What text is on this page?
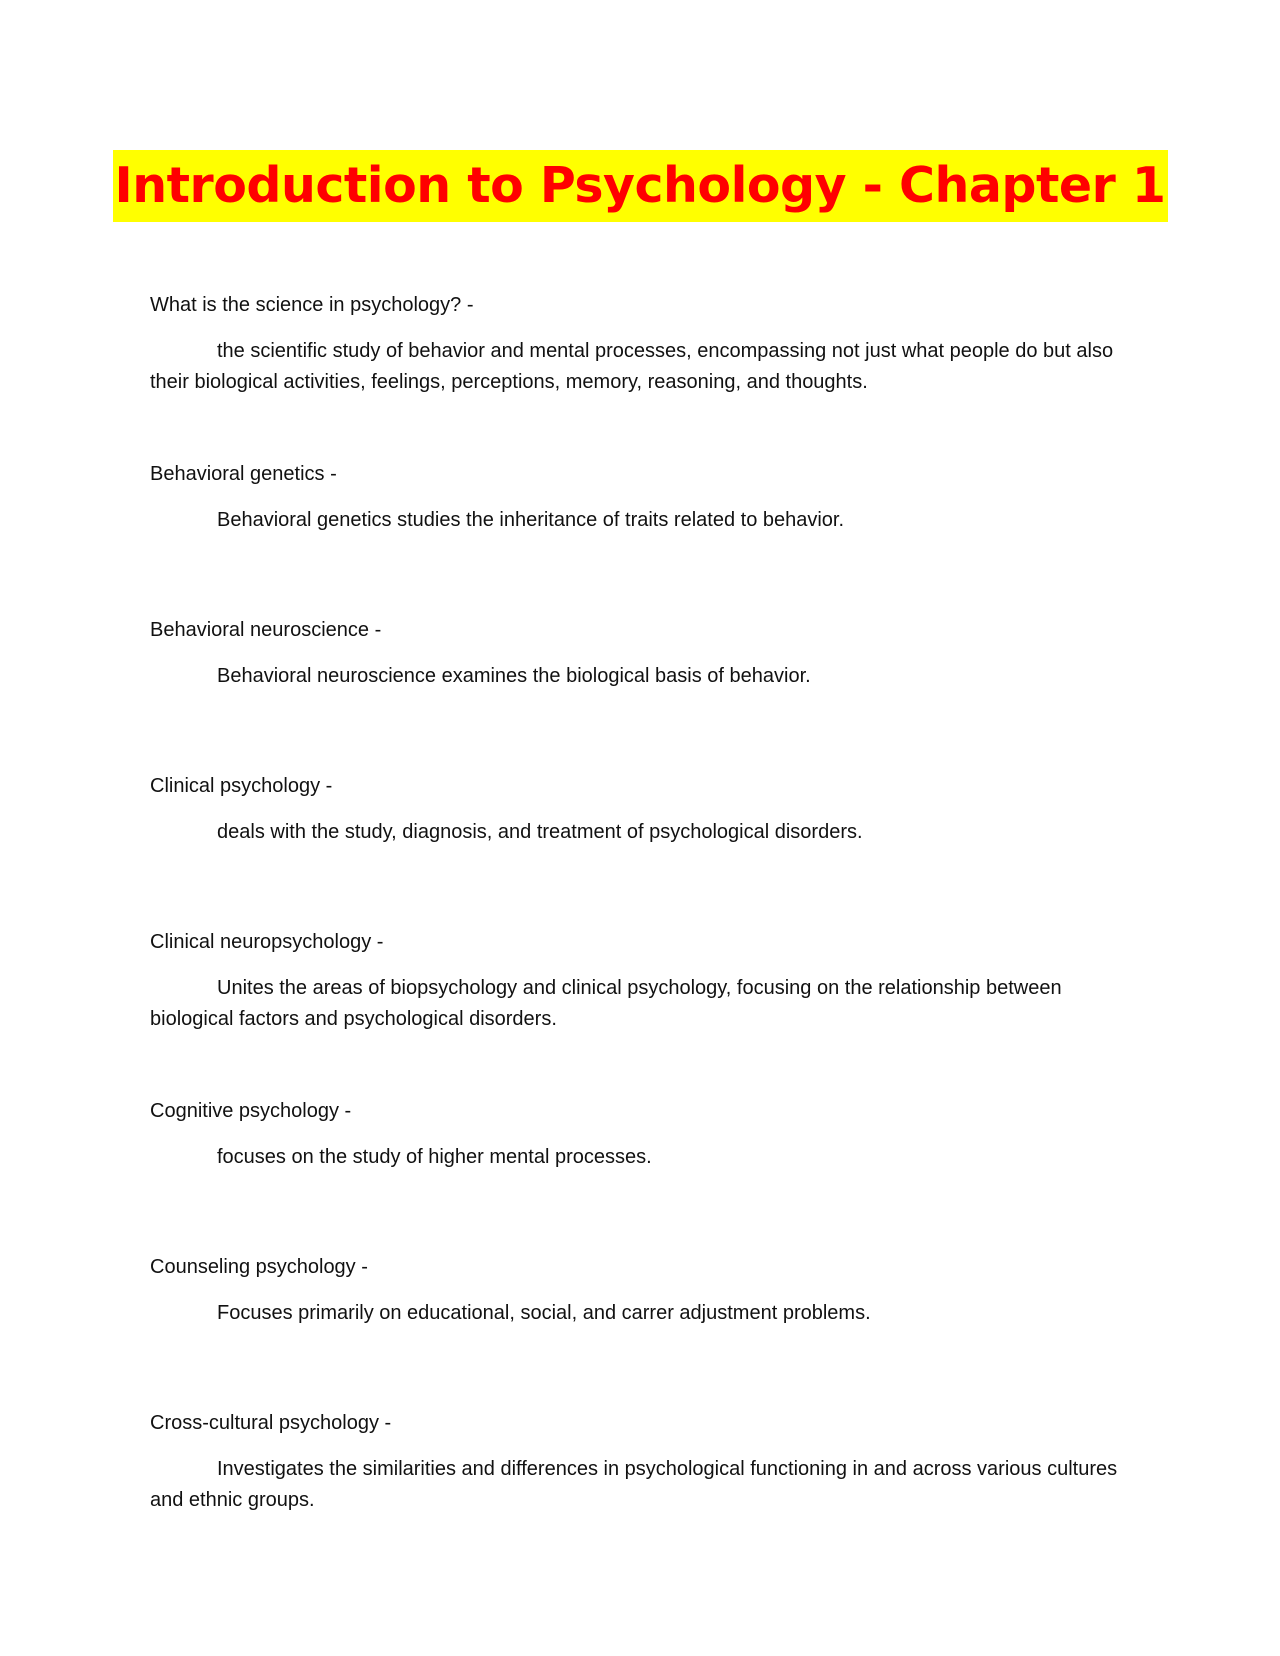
Introduction to Psychology - Chapter 1

What is the science in psychology? -

the scientific study of behavior and mental processes, encompassing not just what people do but also their biological activities, feelings, perceptions, memory, reasoning, and thoughts.

Behavioral genetics -

Behavioral genetics studies the inheritance of traits related to behavior.

Behavioral neuroscience -

Behavioral neuroscience examines the biological basis of behavior.

Clinical psychology -

deals with the study, diagnosis, and treatment of psychological disorders.

Clinical neuropsychology -

Unites the areas of biopsychology and clinical psychology, focusing on the relationship between biological factors and psychological disorders.

Cognitive psychology -

focuses on the study of higher mental processes.

Counseling psychology -

Focuses primarily on educational, social, and carrer adjustment problems.

Cross-cultural psychology -

Investigates the similarities and differences in psychological functioning in and across various cultures and ethnic groups.
